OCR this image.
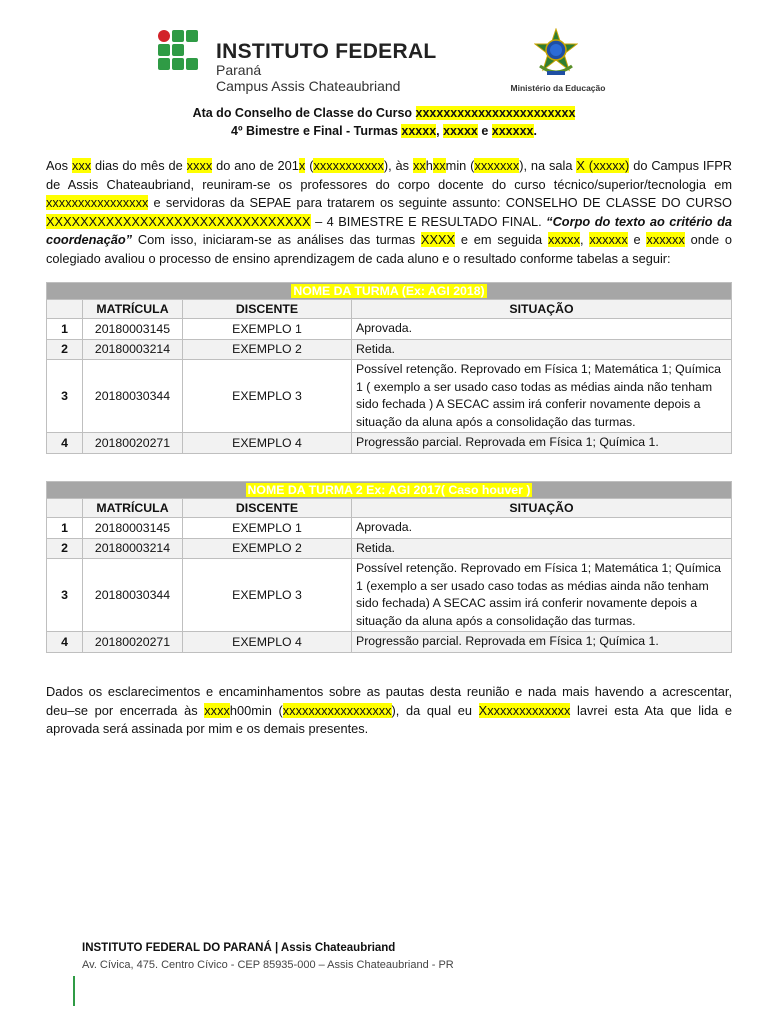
INSTITUTO FEDERAL
Paraná
Campus Assis Chateaubriand	Ministério da Educação
Ata do Conselho de Classe do Curso xxxxxxxxxxxxxxxxxxxxxxx
4º Bimestre e Final - Turmas xxxxx, xxxxx e xxxxxx.
Aos xxx dias do mês de xxxx do ano de 201x (xxxxxxxxxxx), às xxhxxmin (xxxxxxx), na sala X (xxxxx) do Campus IFPR de Assis Chateaubriand, reuniram-se os professores do corpo docente do curso técnico/superior/tecnologia em xxxxxxxxxxxxxxxx e servidoras da SEPAE para tratarem os seguinte assunto: CONSELHO DE CLASSE DO CURSO XXXXXXXXXXXXXXXXXXXXXXXXXXXXXXX – 4 BIMESTRE E RESULTADO FINAL. “Corpo do texto ao critério da coordenação” Com isso, iniciaram-se as análises das turmas XXXX e em seguida xxxxx, xxxxxx e xxxxxx onde o colegiado avaliou o processo de ensino aprendizagem de cada aluno e o resultado conforme tabelas a seguir:
NOME DA TURMA (Ex: AGI 2018)			
	MATRÍCULA	DISCENTE	SITUAÇÃO
1	20180003145	EXEMPLO 1	Aprovada.
2	20180003214	EXEMPLO 2	Retida.
3	20180030344	EXEMPLO 3	Possível retenção. Reprovado em Física 1; Matemática 1; Química 1 ( exemplo a ser usado caso todas as médias ainda não tenham sido fechada ) A SECAC assim irá conferir novamente depois a situação da aluna após a consolidação das turmas.
4	20180020271	EXEMPLO 4	Progressão parcial. Reprovada em Física 1; Química 1.
NOME DA TURMA 2 Ex: AGI 2017( Caso houver )			
	MATRÍCULA	DISCENTE	SITUAÇÃO
1	20180003145	EXEMPLO 1	Aprovada.
2	20180003214	EXEMPLO 2	Retida.
3	20180030344	EXEMPLO 3	Possível retenção. Reprovado em Física 1; Matemática 1; Química 1 (exemplo a ser usado caso todas as médias ainda não tenham sido fechada) A SECAC assim irá conferir novamente depois a situação da aluna após a consolidação das turmas.
4	20180020271	EXEMPLO 4	Progressão parcial. Reprovada em Física 1; Química 1.
Dados os esclarecimentos e encaminhamentos sobre as pautas desta reunião e nada mais havendo a acrescentar, deu–se por encerrada às xxxxh00min (xxxxxxxxxxxxxxxxx), da qual eu Xxxxxxxxxxxxxx lavrei esta Ata que lida e aprovada será assinada por mim e os demais presentes.
INSTITUTO FEDERAL DO PARANÁ | Assis Chateaubriand
Av. Cívica, 475. Centro Cívico - CEP 85935-000 – Assis Chateaubriand - PR
